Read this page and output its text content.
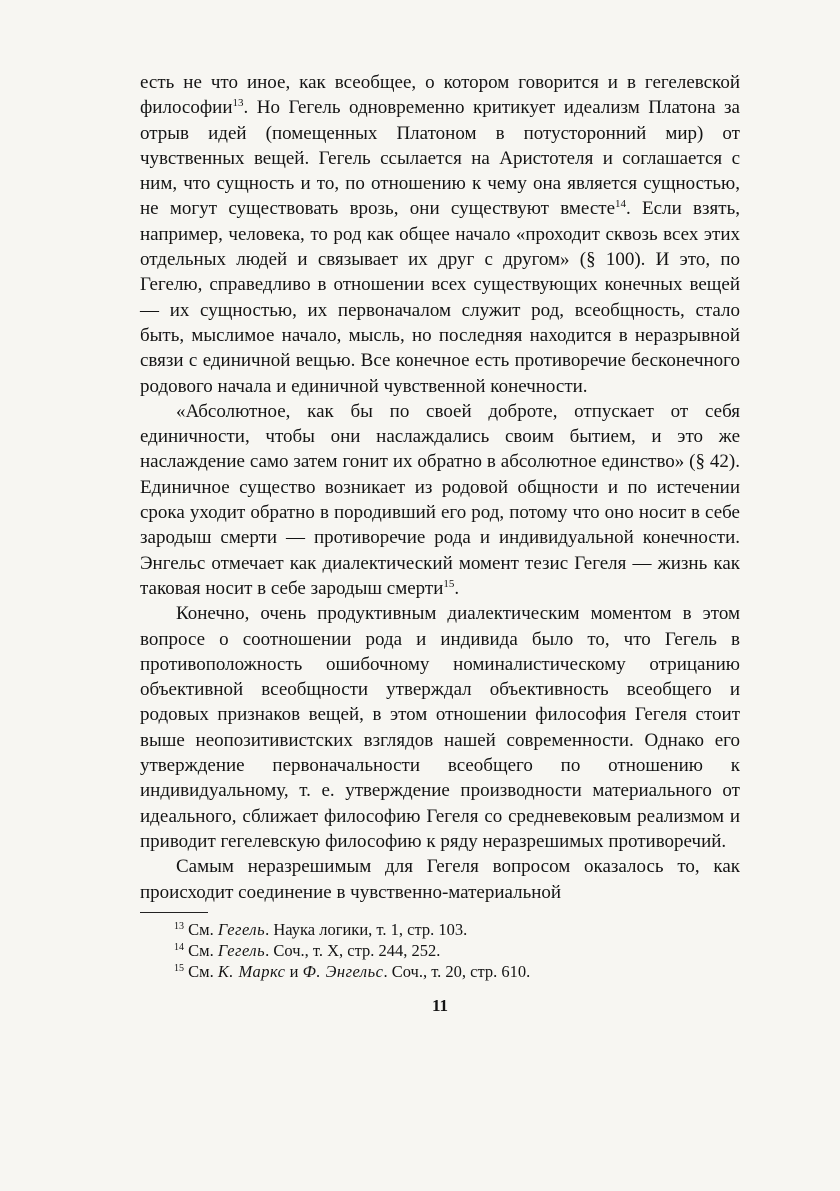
есть не что иное, как всеобщее, о котором говорится и в гегелевской философии$^{13}$. Но Гегель одновременно критикует идеализм Платона за отрыв идей (помещенных Платоном в потусторонний мир) от чувственных вещей. Гегель ссылается на Аристотеля и соглашается с ним, что сущность и то, по отношению к чему она является сущностью, не могут существовать врозь, они существуют вместе$^{14}$. Если взять, например, человека, то род как общее начало «проходит сквозь всех этих отдельных людей и связывает их друг с другом» (§ 100). И это, по Гегелю, справедливо в отношении всех существующих конечных вещей — их сущностью, их первоначалом служит род, всеобщность, стало быть, мыслимое начало, мысль, но последняя находится в неразрывной связи с единичной вещью. Все конечное есть противоречие бесконечного родового начала и единичной чувственной конечности.

«Абсолютное, как бы по своей доброте, отпускает от себя единичности, чтобы они наслаждались своим бытием, и это же наслаждение само затем гонит их обратно в абсолютное единство» (§ 42). Единичное существо возникает из родовой общности и по истечении срока уходит обратно в породивший его род, потому что оно носит в себе зародыш смерти — противоречие рода и индивидуальной конечности. Энгельс отмечает как диалектический момент тезис Гегеля — жизнь как таковая носит в себе зародыш смерти$^{15}$.

Конечно, очень продуктивным диалектическим моментом в этом вопросе о соотношении рода и индивида было то, что Гегель в противоположность ошибочному номиналистическому отрицанию объективной всеобщности утверждал объективность всеобщего и родовых признаков вещей, в этом отношении философия Гегеля стоит выше неопозитивистских взглядов нашей современности. Однако его утверждение первоначальности всеобщего по отношению к индивидуальному, т. е. утверждение производности материального от идеального, сближает философию Гегеля со средневековым реализмом и приводит гегелевскую философию к ряду неразрешимых противоречий.

Самым неразрешимым для Гегеля вопросом оказалось то, как происходит соединение в чувственно-материальной

$^{13}$ См. Гегель. Наука логики, т. 1, стр. 103.
$^{14}$ См. Гегель. Соч., т. X, стр. 244, 252.
$^{15}$ См. К. Маркс и Ф. Энгельс. Соч., т. 20, стр. 610.
11
